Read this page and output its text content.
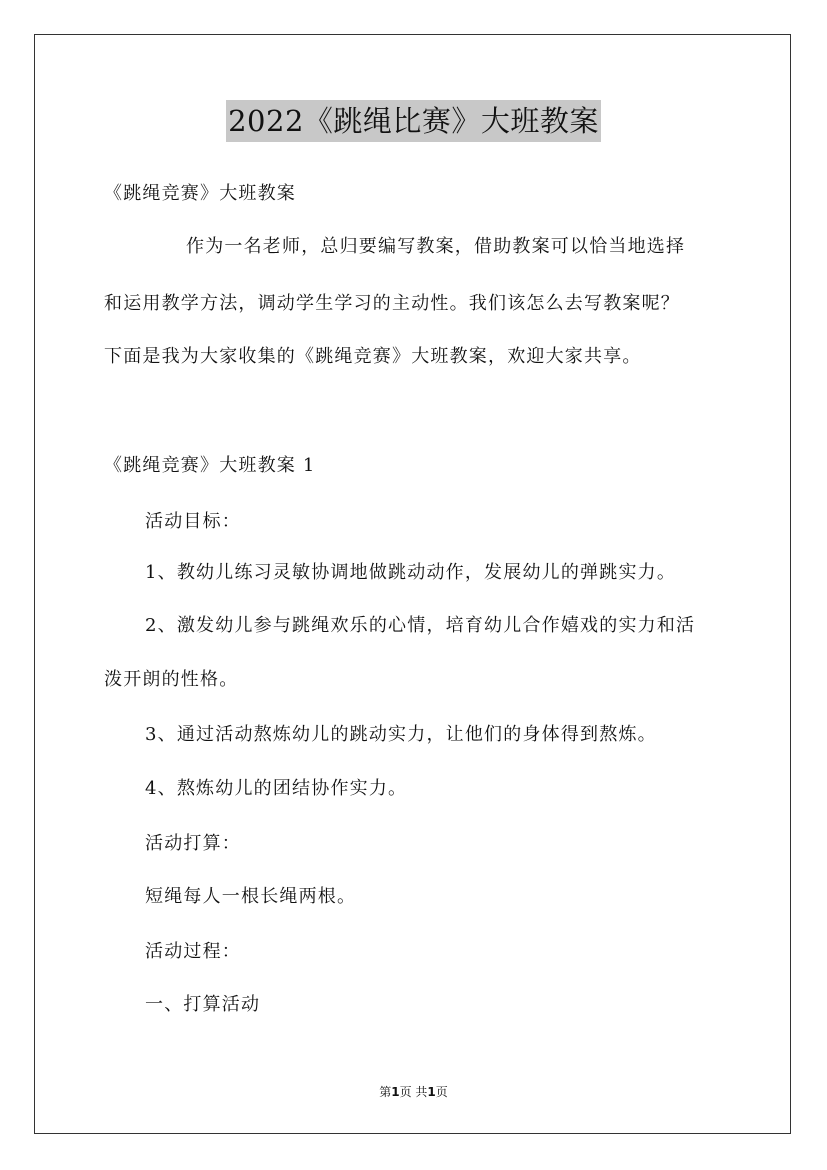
2022《跳绳比赛》大班教案
《跳绳竞赛》大班教案
作为一名老师，总归要编写教案，借助教案可以恰当地选择
和运用教学方法，调动学生学习的主动性。我们该怎么去写教案呢？
下面是我为大家收集的《跳绳竞赛》大班教案，欢迎大家共享。
《跳绳竞赛》大班教案 1
活动目标：
1、教幼儿练习灵敏协调地做跳动动作，发展幼儿的弹跳实力。
2、激发幼儿参与跳绳欢乐的心情，培育幼儿合作嬉戏的实力和活
泼开朗的性格。
3、通过活动熬炼幼儿的跳动实力，让他们的身体得到熬炼。
4、熬炼幼儿的团结协作实力。
活动打算：
短绳每人一根长绳两根。
活动过程：
一、打算活动
第1页 共1页
